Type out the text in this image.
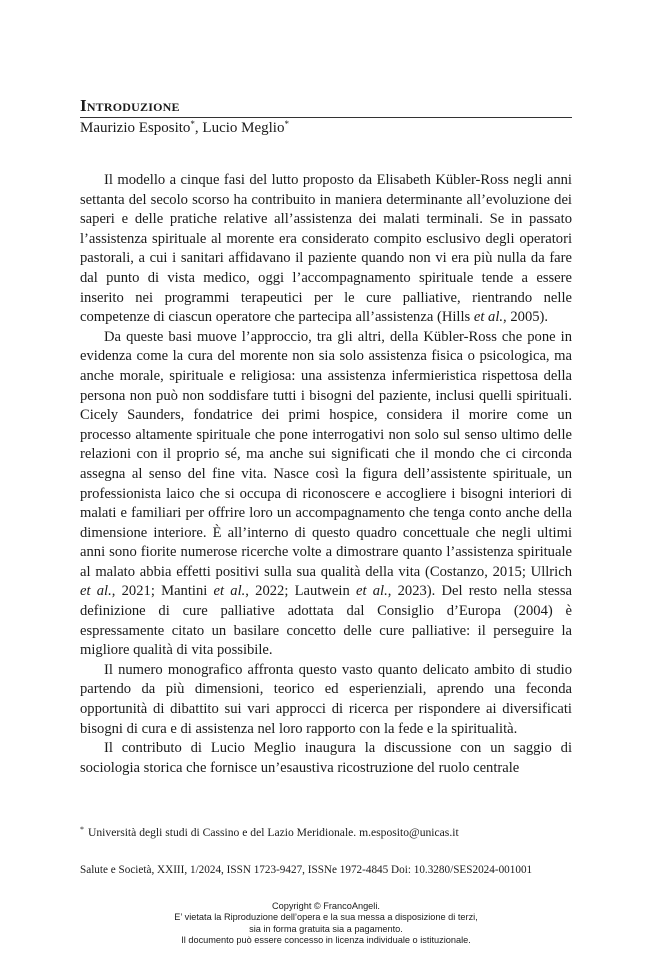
Introduzione
Maurizio Esposito*, Lucio Meglio*

Il modello a cinque fasi del lutto proposto da Elisabeth Kübler-Ross negli anni settanta del secolo scorso ha contribuito in maniera determinante all’evoluzione dei saperi e delle pratiche relative all’assistenza dei malati terminali. Se in passato l’assistenza spirituale al morente era considerato compito esclusivo degli operatori pastorali, a cui i sanitari affidavano il paziente quando non vi era più nulla da fare dal punto di vista medico, oggi l’accompagnamento spirituale tende a essere inserito nei programmi terapeutici per le cure palliative, rientrando nelle competenze di ciascun operatore che partecipa all’assistenza (Hills et al., 2005).

Da queste basi muove l’approccio, tra gli altri, della Kübler-Ross che pone in evidenza come la cura del morente non sia solo assistenza fisica o psicologica, ma anche morale, spirituale e religiosa: una assistenza infermieristica rispettosa della persona non può non soddisfare tutti i bisogni del paziente, inclusi quelli spirituali. Cicely Saunders, fondatrice dei primi hospice, considera il morire come un processo altamente spirituale che pone interrogativi non solo sul senso ultimo delle relazioni con il proprio sé, ma anche sui significati che il mondo che ci circonda assegna al senso del fine vita. Nasce così la figura dell’assistente spirituale, un professionista laico che si occupa di riconoscere e accogliere i bisogni interiori di malati e familiari per offrire loro un accompagnamento che tenga conto anche della dimensione interiore. È all’interno di questo quadro concettuale che negli ultimi anni sono fiorite numerose ricerche volte a dimostrare quanto l’assistenza spirituale al malato abbia effetti positivi sulla sua qualità della vita (Costanzo, 2015; Ullrich et al., 2021; Mantini et al., 2022; Lautwein et al., 2023). Del resto nella stessa definizione di cure palliative adottata dal Consiglio d’Europa (2004) è espressamente citato un basilare concetto delle cure palliative: il perseguire la migliore qualità di vita possibile.

Il numero monografico affronta questo vasto quanto delicato ambito di studio partendo da più dimensioni, teorico ed esperienziali, aprendo una feconda opportunità di dibattito sui vari approcci di ricerca per rispondere ai diversificati bisogni di cura e di assistenza nel loro rapporto con la fede e la spiritualità.

Il contributo di Lucio Meglio inaugura la discussione con un saggio di sociologia storica che fornisce un’esaustiva ricostruzione del ruolo centrale

* Università degli studi di Cassino e del Lazio Meridionale. m.esposito@unicas.it
Salute e Società, XXIII, 1/2024, ISSN 1723-9427, ISSNe 1972-4845 Doi: 10.3280/SES2024-001001
Copyright © FrancoAngeli.
E’ vietata la Riproduzione dell’opera e la sua messa a disposizione di terzi,
sia in forma gratuita sia a pagamento.
Il documento può essere concesso in licenza individuale o istituzionale.
